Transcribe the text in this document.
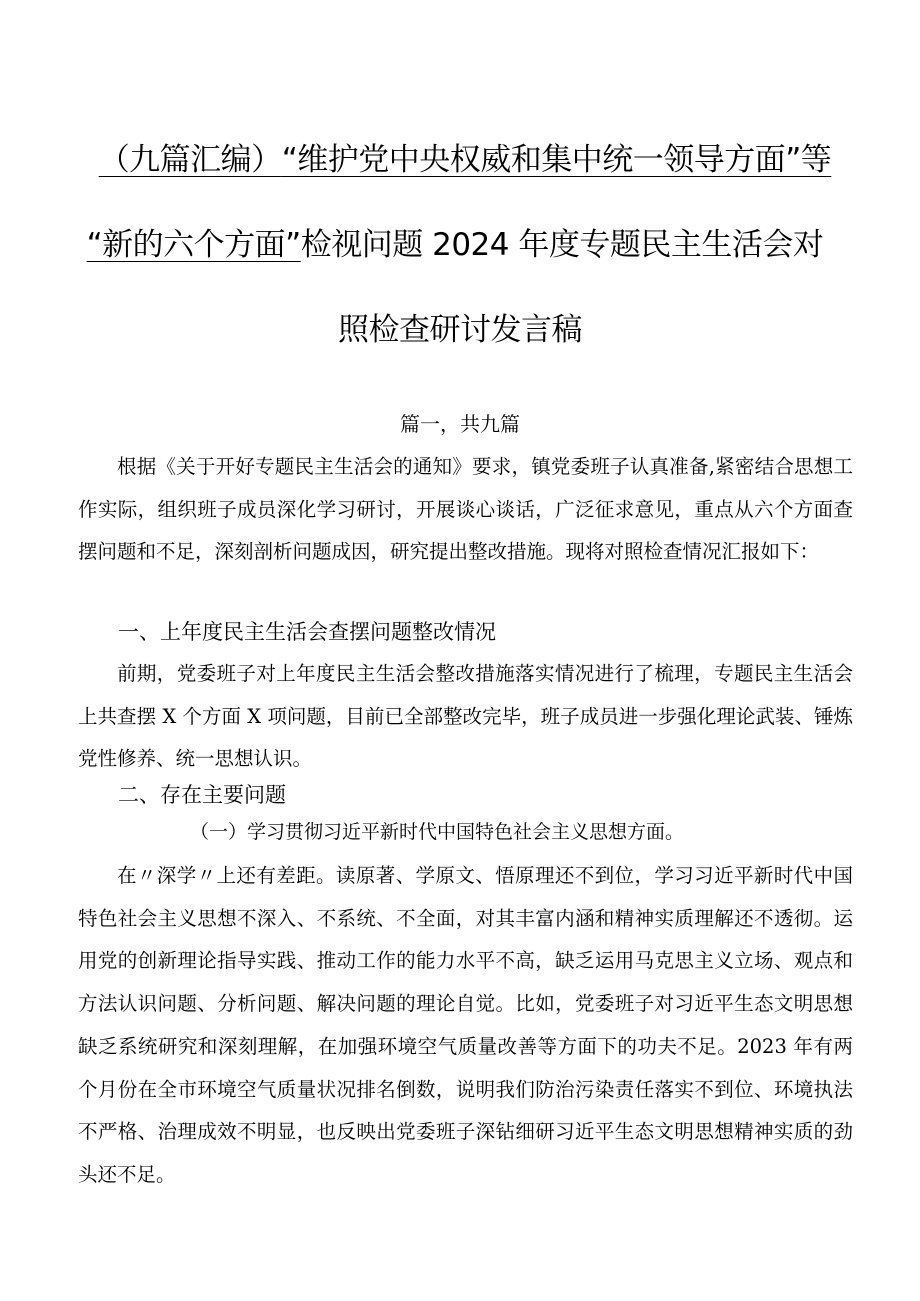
（九篇汇编）“维护党中央权威和集中统一领导方面”等
“新的六个方面”检视问题 2024 年度专题民主生活会对
照检查研讨发言稿
篇一，共九篇
根据《关于开好专题民主生活会的通知》要求，镇党委班子认真准备,紧密结合思想工作实际，组织班子成员深化学习研讨，开展谈心谈话，广泛征求意见，重点从六个方面查摆问题和不足，深刻剖析问题成因，研究提出整改措施。现将对照检查情况汇报如下：
一、上年度民主生活会查摆问题整改情况
前期，党委班子对上年度民主生活会整改措施落实情况进行了梳理，专题民主生活会上共查摆 X 个方面 X 项问题，目前已全部整改完毕，班子成员进一步强化理论武装、锤炼党性修养、统一思想认识。
二、存在主要问题
（一）学习贯彻习近平新时代中国特色社会主义思想方面。
在〃深学〃上还有差距。读原著、学原文、悟原理还不到位，学习习近平新时代中国特色社会主义思想不深入、不系统、不全面，对其丰富内涵和精神实质理解还不透彻。运用党的创新理论指导实践、推动工作的能力水平不高，缺乏运用马克思主义立场、观点和方法认识问题、分析问题、解决问题的理论自觉。比如，党委班子对习近平生态文明思想缺乏系统研究和深刻理解，在加强环境空气质量改善等方面下的功夫不足。2023 年有两个月份在全市环境空气质量状况排名倒数，说明我们防治污染责任落实不到位、环境执法不严格、治理成效不明显，也反映出党委班子深钻细研习近平生态文明思想精神实质的劲头还不足。
